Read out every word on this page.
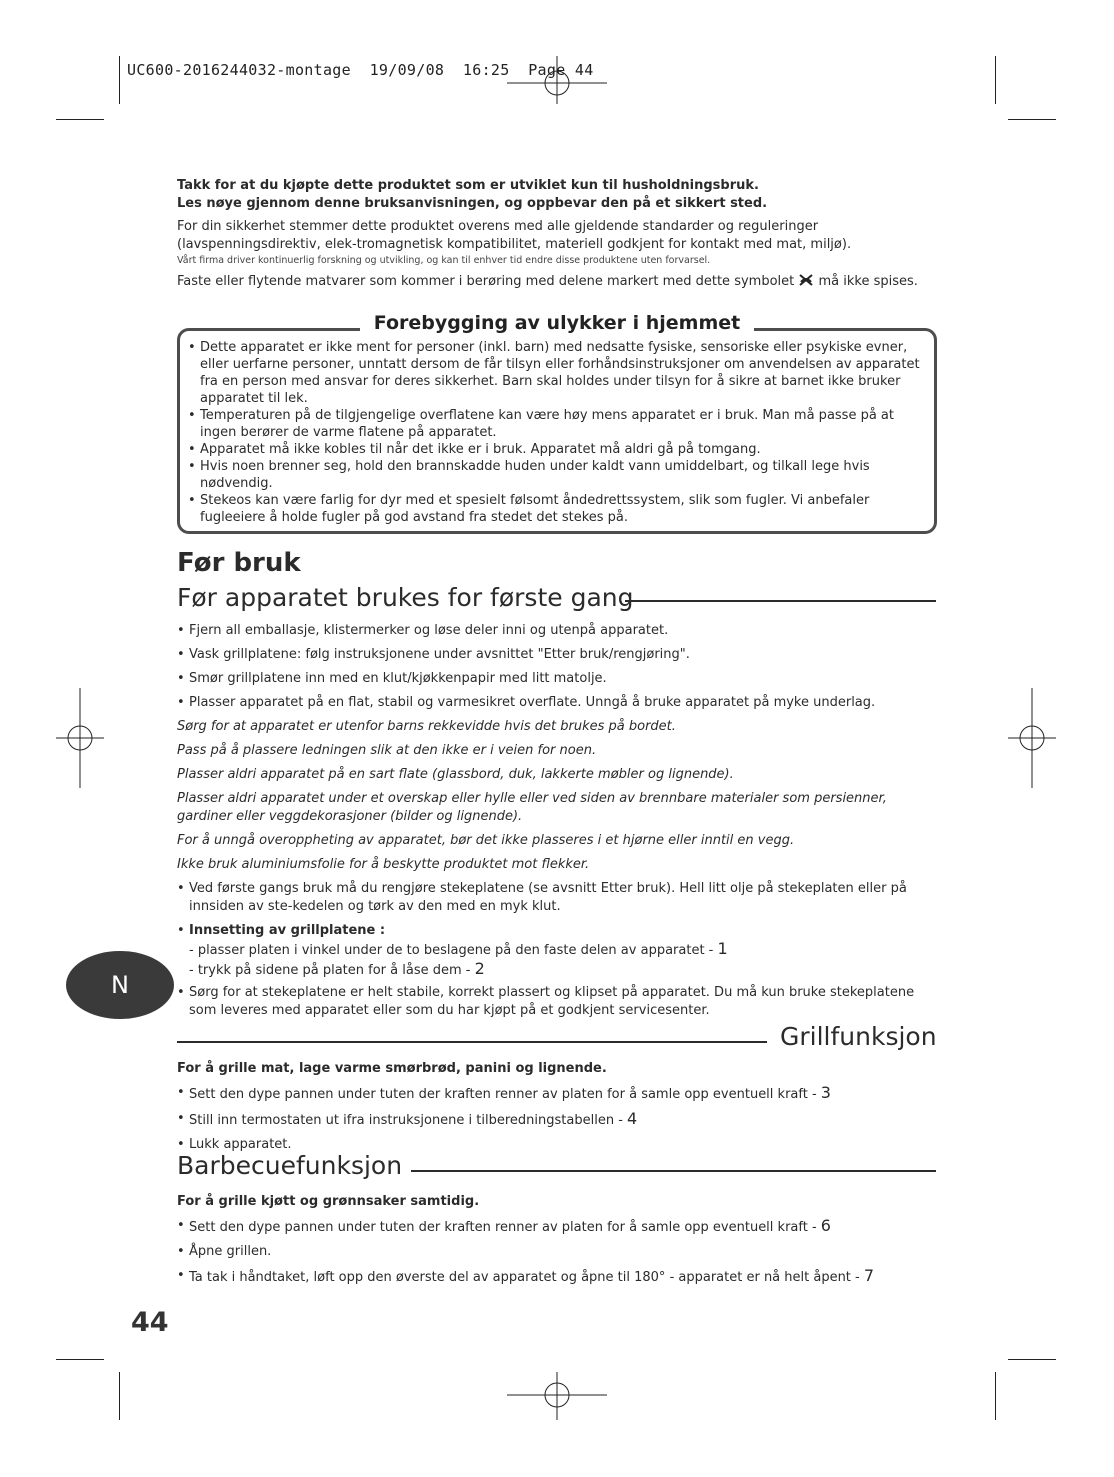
UC600-2016244032-montage  19/09/08  16:25  Page 44

Takk for at du kjøpte dette produktet som er utviklet kun til husholdningsbruk.

Les nøye gjennom denne bruksanvisningen, og oppbevar den på et sikkert sted.

For din sikkerhet stemmer dette produktet overens med alle gjeldende standarder og reguleringer (lavspenningsdirektiv, elek-tromagnetisk kompatibilitet, materiell godkjent for kontakt med mat, miljø).

Vårt firma driver kontinuerlig forskning og utvikling, og kan til enhver tid endre disse produktene uten forvarsel.

Faste eller flytende matvarer som kommer i berøring med delene markert med dette symbolet må ikke spises.

Forebygging av ulykker i hjemmet
• Dette apparatet er ikke ment for personer (inkl. barn) med nedsatte fysiske, sensoriske eller psykiske evner, eller uerfarne personer, unntatt dersom de får tilsyn eller forhåndsinstruksjoner om anvendelsen av apparatet fra en person med ansvar for deres sikkerhet. Barn skal holdes under tilsyn for å sikre at barnet ikke bruker apparatet til lek.
• Temperaturen på de tilgjengelige overflatene kan være høy mens apparatet er i bruk. Man må passe på at ingen berører de varme flatene på apparatet.
• Apparatet må ikke kobles til når det ikke er i bruk. Apparatet må aldri gå på tomgang.
• Hvis noen brenner seg, hold den brannskadde huden under kaldt vann umiddelbart, og tilkall lege hvis nødvendig.
• Stekeos kan være farlig for dyr med et spesielt følsomt åndedrettssystem, slik som fugler. Vi anbefaler fugleeiere å holde fugler på god avstand fra stedet det stekes på.
Før bruk
Før apparatet brukes for første gang
• Fjern all emballasje, klistermerker og løse deler inni og utenpå apparatet.
• Vask grillplatene: følg instruksjonene under avsnittet "Etter bruk/rengjøring".
• Smør grillplatene inn med en klut/kjøkkenpapir med litt matolje.
• Plasser apparatet på en flat, stabil og varmesikret overflate. Unngå å bruke apparatet på myke underlag.

Sørg for at apparatet er utenfor barns rekkevidde hvis det brukes på bordet.

Pass på å plassere ledningen slik at den ikke er i veien for noen.

Plasser aldri apparatet på en sart flate (glassbord, duk, lakkerte møbler og lignende).

Plasser aldri apparatet under et overskap eller hylle eller ved siden av brennbare materialer som persienner, gardiner eller veggdekorasjoner (bilder og lignende).

For å unngå overoppheting av apparatet, bør det ikke plasseres i et hjørne eller inntil en vegg.

Ikke bruk aluminiumsfolie for å beskytte produktet mot flekker.

• Ved første gangs bruk må du rengjøre stekeplatene (se avsnitt Etter bruk). Hell litt olje på stekeplaten eller på innsiden av ste-kedelen og tørk av den med en myk klut.
• Innsetting av grillplatene :
- plasser platen i vinkel under de to beslagene på den faste delen av apparatet - 1
- trykk på sidene på platen for å låse dem - 2
• Sørg for at stekeplatene er helt stabile, korrekt plassert og klipset på apparatet. Du må kun bruke stekeplatene som leveres med apparatet eller som du har kjøpt på et godkjent servicesenter.
N
Grillfunksjon

For å grille mat, lage varme smørbrød, panini og lignende.

• Sett den dype pannen under tuten der kraften renner av platen for å samle opp eventuell kraft - 3
• Still inn termostaten ut ifra instruksjonene i tilberedningstabellen - 4
• Lukk apparatet.
Barbecuefunksjon

For å grille kjøtt og grønnsaker samtidig.

• Sett den dype pannen under tuten der kraften renner av platen for å samle opp eventuell kraft - 6
• Åpne grillen.
• Ta tak i håndtaket, løft opp den øverste del av apparatet og åpne til 180° - apparatet er nå helt åpent - 7
44
